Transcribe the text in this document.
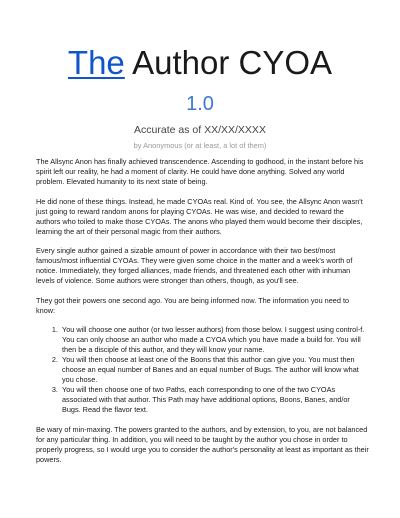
The Author CYOA
1.0
Accurate as of XX/XX/XXXX
by Anonymous (or at least, a lot of them)

The Allsync Anon has finally achieved transcendence. Ascending to godhood, in the instant before his spirit left our reality, he had a moment of clarity. He could have done anything. Solved any world problem. Elevated humanity to its next state of being.

He did none of these things. Instead, he made CYOAs real. Kind of. You see, the Allsync Anon wasn't just going to reward random anons for playing CYOAs. He was wise, and decided to reward the authors who toiled to make those CYOAs. The anons who played them would become their disciples, learning the art of their personal magic from their authors.

Every single author gained a sizable amount of power in accordance with their two best/most famous/most influential CYOAs. They were given some choice in the matter and a week's worth of notice. Immediately, they forged alliances, made friends, and threatened each other with inhuman levels of violence. Some authors were stronger than others, though, as you'll see.

They got their powers one second ago. You are being informed now. The information you need to know:

1. You will choose one author (or two lesser authors) from those below. I suggest using control-f. You can only choose an author who made a CYOA which you have made a build for. You will then be a disciple of this author, and they will know your name.
2. You will then choose at least one of the Boons that this author can give you. You must then choose an equal number of Banes and an equal number of Bugs. The author will know what you chose.
3. You will then choose one of two Paths, each corresponding to one of the two CYOAs associated with that author. This Path may have additional options, Boons, Banes, and/or Bugs. Read the flavor text.

Be wary of min-maxing. The powers granted to the authors, and by extension, to you, are not balanced for any particular thing. In addition, you will need to be taught by the author you chose in order to properly progress, so I would urge you to consider the author's personality at least as important as their powers.
